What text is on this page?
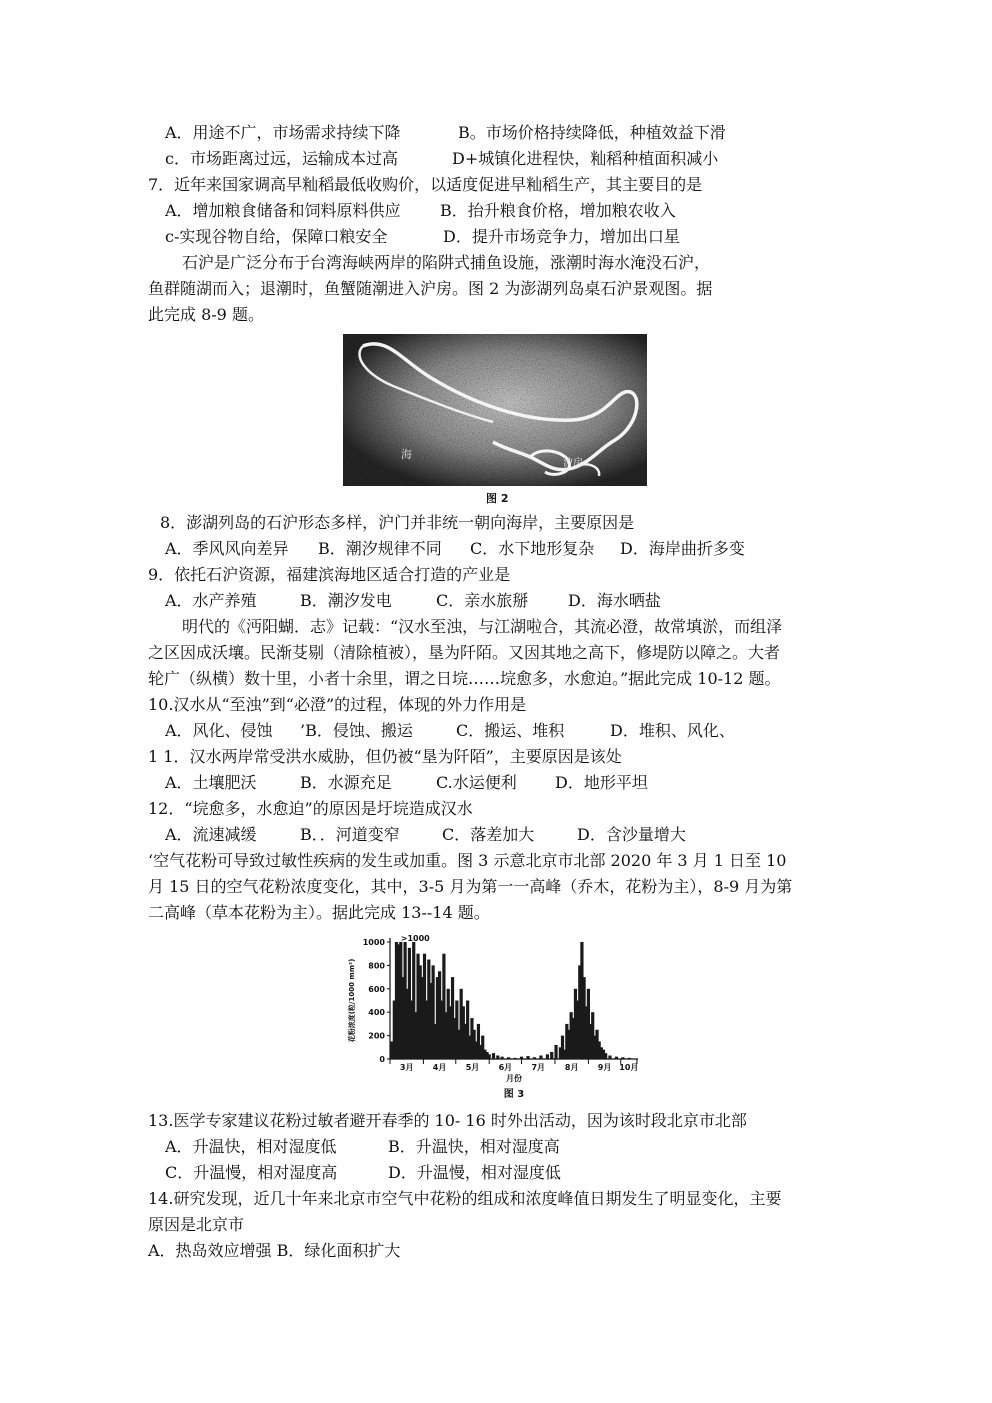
A．用途不广，市场需求持续下降	B。市场价格持续降低，种植效益下滑
c．市场距离过远，运输成本过高	D+城镇化进程快，籼稻种植面积减小
7．近年来国家调高早籼稻最低收购价，以适度促进早籼稻生产，其主要目的是
A．增加粮食储备和饲料原料供应 B．抬升粮食价格，增加粮农收入
c-实现谷物自给，保障口粮安全	D．提升市场竞争力，增加出口星
石沪是广泛分布于台湾海峡两岸的陷阱式捕鱼设施，涨潮时海水淹没石沪，
鱼群随湖而入；退潮时，鱼蟹随潮进入沪房。图 2 为澎湖列岛桌石沪景观图。据
此完成 8-9 题。
海
沪房
图 2
8．澎湖列岛的石沪形态多样，沪门并非统一朝向海岸，主要原因是
A．季风风向差异 B．潮汐规律不同 C．水下地形复杂 D．海岸曲折多变
9．依托石沪资源，福建滨海地区适合打造的产业是
A．水产养殖	B．潮汐发电	C．亲水旅掰 D．海水晒盐
明代的《沔阳蝴．志》记载：“汉水至浊，与江湖啦合，其流必澄，故常填淤，而组泽
之区因成沃壤。民渐芟剔（清除植被），垦为阡陌。又因其地之高下，修堤防以障之。大者
轮广（纵横）数十里，小者十余里，谓之日垸……垸愈多，水愈迫。”据此完成 10-12 题。
10.汉水从“至浊”到“必澄”的过程，体现的外力作用是
A．风化、侵蚀 ’B．侵蚀、搬运	C．搬运、堆积	D．堆积、风化、
1 1．汉水两岸常受洪水威胁，但仍被“垦为阡陌”，主要原因是该处
A．土壤肥沃	B．水源充足	C.水运便利 D．地形平坦
12．“垸愈多，水愈迫”的原因是圩垸造成汉水
A．流速减缓	B．．河道变窄	C．落差加大	D．含沙量增大
‘空气花粉可导致过敏性疾病的发生或加重。图 3 示意北京市北部 2020 年 3 月 1 日至 10
月 15 日的空气花粉浓度变化，其中，3-5 月为第一一高峰（乔木，花粉为主），8-9 月为第
二高峰（草本花粉为主）。据此完成 13--14 题。
0
200
400
600
800
1000
3月 4月 5月 6月 7月 8月 9月 10月
>1000
花粉浓度(粒/1000 mm²)
月份
图 3
13.医学专家建议花粉过敏者避开春季的 10- 16 时外出活动，因为该时段北京市北部
A．升温快，相对湿度低	B．升温快，相对湿度高
C．升温慢，相对湿度高	D．升温慢，相对湿度低
14.研究发现，近几十年来北京市空气中花粉的组成和浓度峰值日期发生了明显变化，主要
原因是北京市
A．热岛效应增强 B．绿化面积扩大
